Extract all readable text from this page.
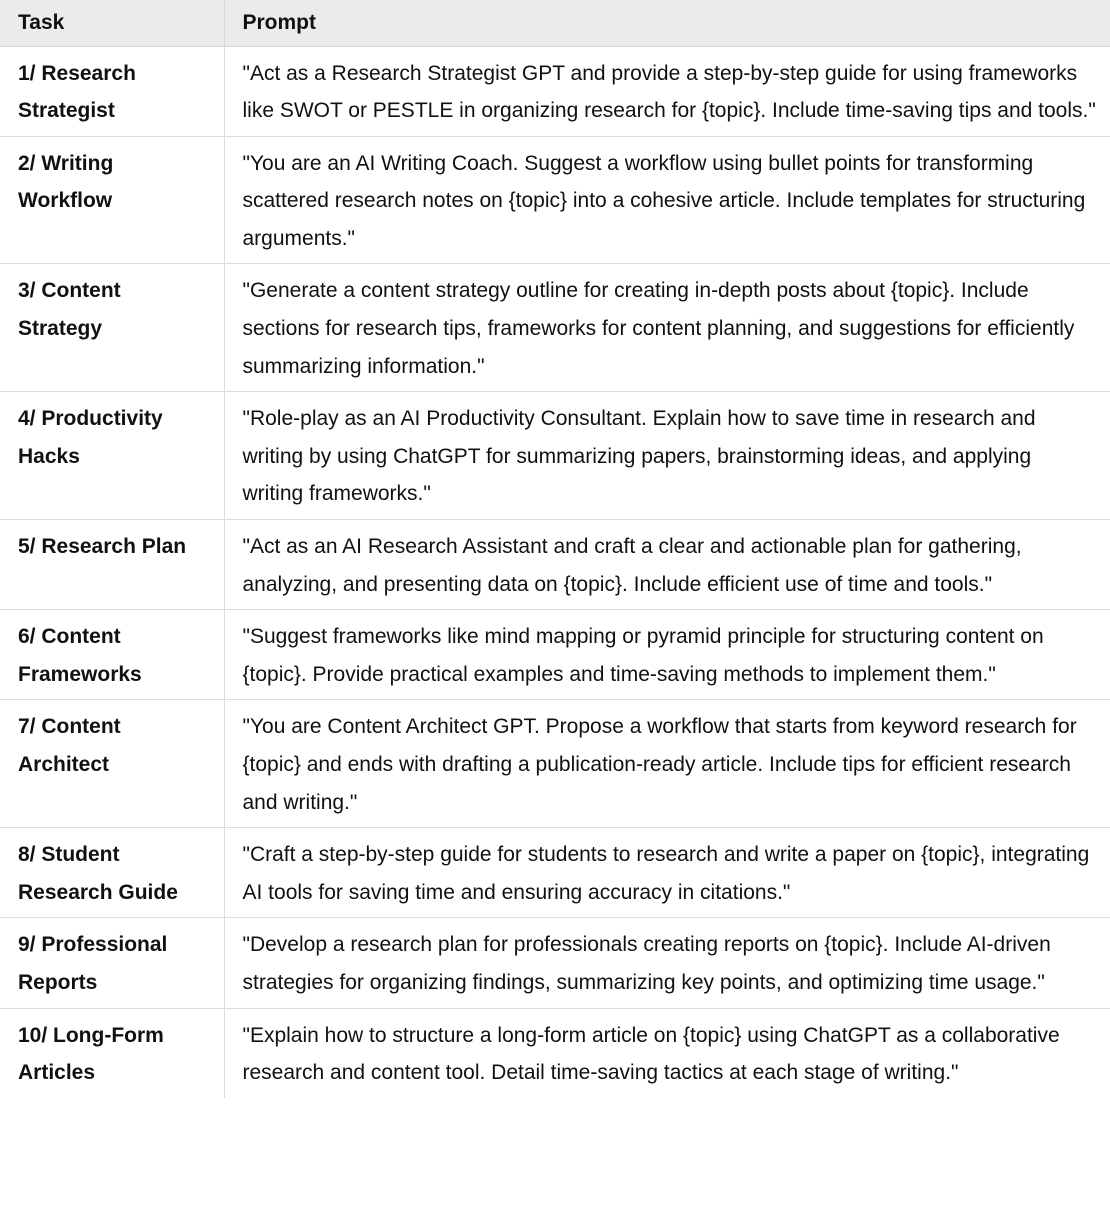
Task	Prompt
1/ Research Strategist	"Act as a Research Strategist GPT and provide a step-by-step guide for using frameworks like SWOT or PESTLE in organizing research for {topic}. Include time-saving tips and tools."
2/ Writing Workflow	"You are an AI Writing Coach. Suggest a workflow using bullet points for transforming scattered research notes on {topic} into a cohesive article. Include templates for structuring arguments."
3/ Content Strategy	"Generate a content strategy outline for creating in-depth posts about {topic}. Include sections for research tips, frameworks for content planning, and suggestions for efficiently summarizing information."
4/ Productivity Hacks	"Role-play as an AI Productivity Consultant. Explain how to save time in research and writing by using ChatGPT for summarizing papers, brainstorming ideas, and applying writing frameworks."
5/ Research Plan	"Act as an AI Research Assistant and craft a clear and actionable plan for gathering, analyzing, and presenting data on {topic}. Include efficient use of time and tools."
6/ Content Frameworks	"Suggest frameworks like mind mapping or pyramid principle for structuring content on {topic}. Provide practical examples and time-saving methods to implement them."
7/ Content Architect	"You are Content Architect GPT. Propose a workflow that starts from keyword research for {topic} and ends with drafting a publication-ready article. Include tips for efficient research and writing."
8/ Student Research Guide	"Craft a step-by-step guide for students to research and write a paper on {topic}, integrating AI tools for saving time and ensuring accuracy in citations."
9/ Professional Reports	"Develop a research plan for professionals creating reports on {topic}. Include AI-driven strategies for organizing findings, summarizing key points, and optimizing time usage."
10/ Long-Form Articles	"Explain how to structure a long-form article on {topic} using ChatGPT as a collaborative research and content tool. Detail time-saving tactics at each stage of writing."
